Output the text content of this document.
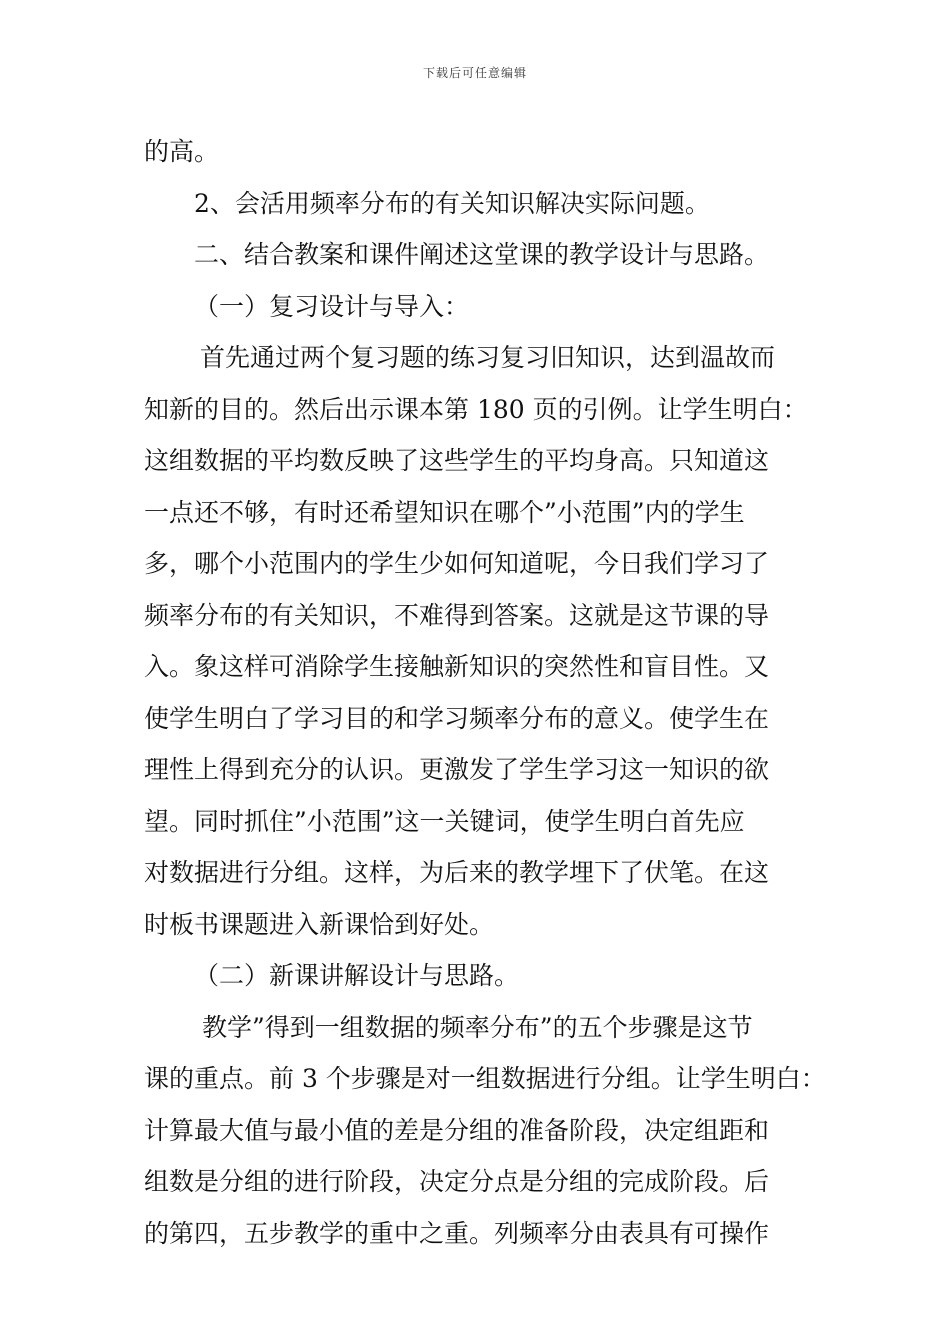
下载后可任意编辑
的高。
2、会活用频率分布的有关知识解决实际问题。
二、结合教案和课件阐述这堂课的教学设计与思路。
（一）复习设计与导入：
首先通过两个复习题的练习复习旧知识，达到温故而
知新的目的。然后出示课本第 180 页的引例。让学生明白：
这组数据的平均数反映了这些学生的平均身高。只知道这
一点还不够，有时还希望知识在哪个”小范围”内的学生
多，哪个小范围内的学生少如何知道呢，今日我们学习了
频率分布的有关知识，不难得到答案。这就是这节课的导
入。象这样可消除学生接触新知识的突然性和盲目性。又
使学生明白了学习目的和学习频率分布的意义。使学生在
理性上得到充分的认识。更激发了学生学习这一知识的欲
望。同时抓住”小范围”这一关键词，使学生明白首先应
对数据进行分组。这样，为后来的教学埋下了伏笔。在这
时板书课题进入新课恰到好处。
（二）新课讲解设计与思路。
教学”得到一组数据的频率分布”的五个步骤是这节
课的重点。前 3 个步骤是对一组数据进行分组。让学生明白：
计算最大值与最小值的差是分组的准备阶段，决定组距和
组数是分组的进行阶段，决定分点是分组的完成阶段。后
的第四，五步教学的重中之重。列频率分由表具有可操作
